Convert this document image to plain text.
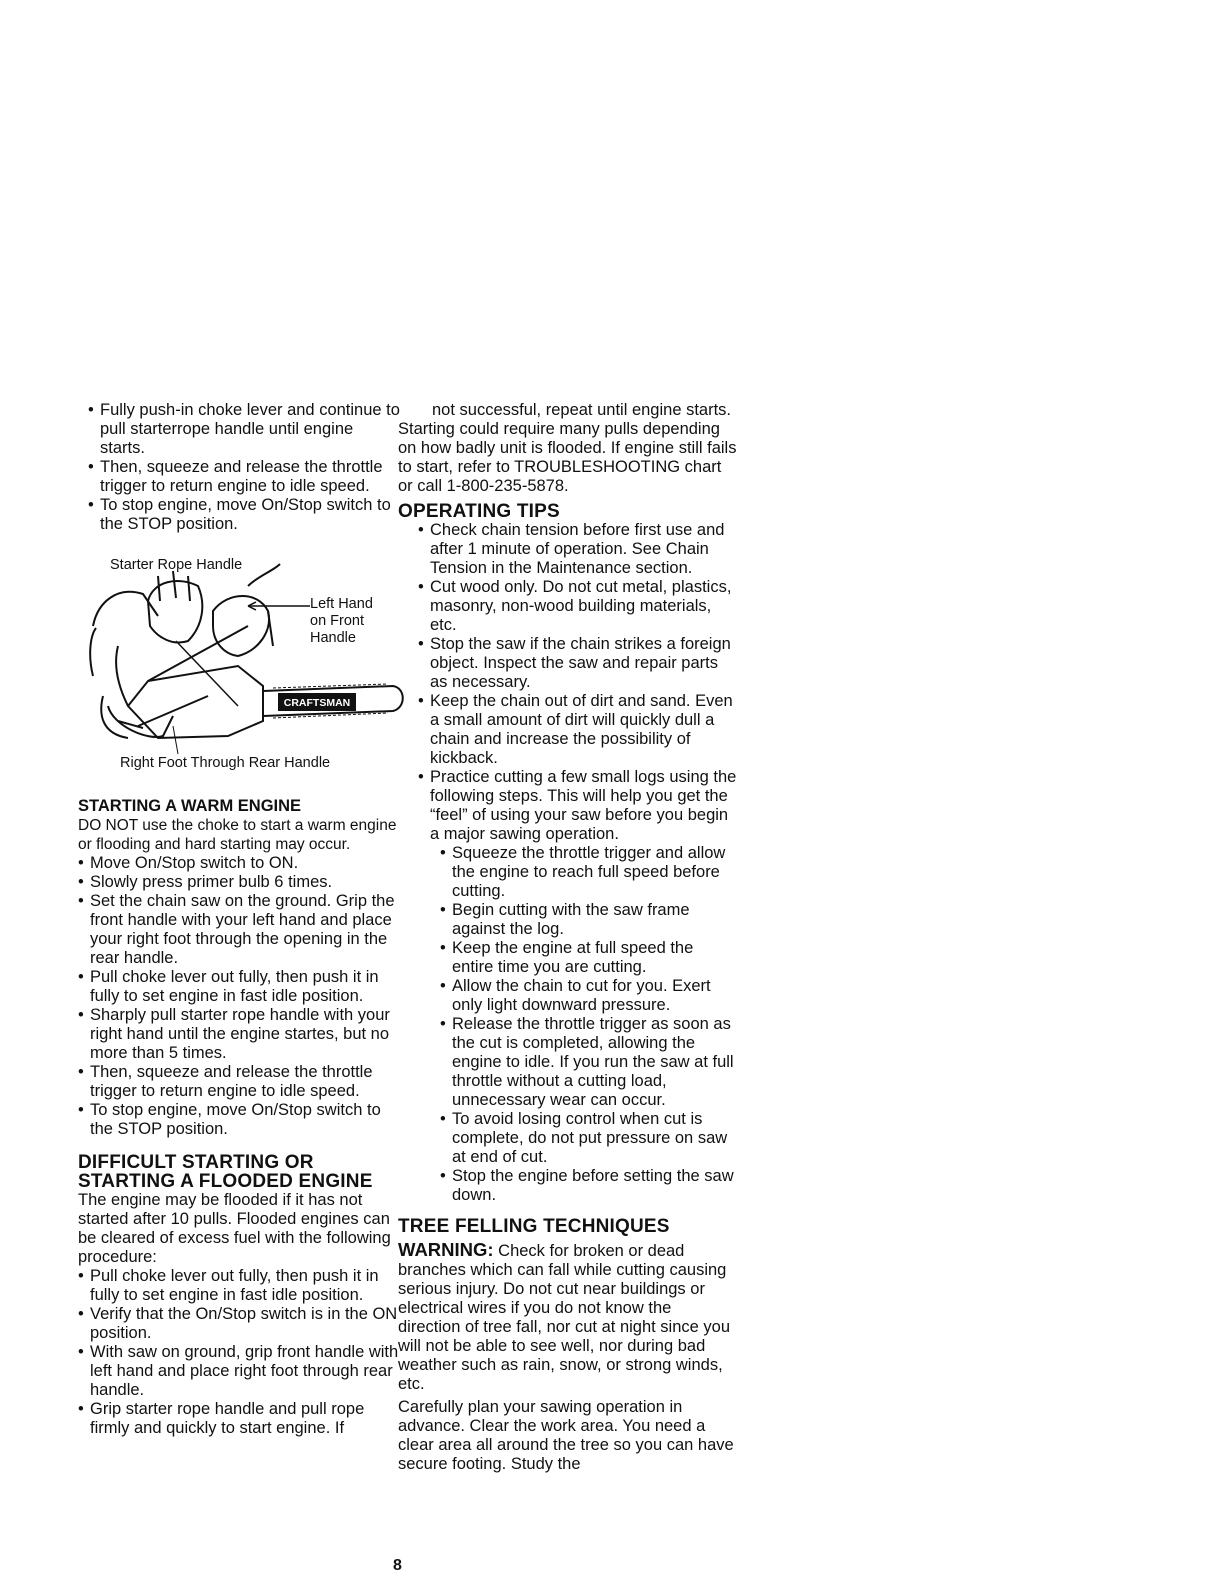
• Fully push-in choke lever and continue to pull starterrope handle until engine starts.
• Then, squeeze and release the throttle trigger to return engine to idle speed.
• To stop engine, move On/Stop switch to the STOP position.
Starter Rope Handle
CRAFTSMAN
Left Hand
on Front
Handle
Right Foot Through Rear Handle
STARTING A WARM ENGINE
DO NOT use the choke to start a warm engine or flooding and hard starting may occur.
• Move On/Stop switch to ON.
• Slowly press primer bulb 6 times.
• Set the chain saw on the ground. Grip the front handle with your left hand and place your right foot through the opening in the rear handle.
• Pull choke lever out fully, then push it in fully to set engine in fast idle position.
• Sharply pull starter rope handle with your right hand until the engine startes, but no more than 5 times.
• Then, squeeze and release the throttle trigger to return engine to idle speed.
• To stop engine, move On/Stop switch to the STOP position.
DIFFICULT STARTING OR
STARTING A FLOODED ENGINE
The engine may be flooded if it has not started after 10 pulls. Flooded engines can be cleared of excess fuel with the following procedure:
• Pull choke lever out fully, then push it in fully to set engine in fast idle position.
• Verify that the On/Stop switch is in the ON position.
• With saw on ground, grip front handle with left hand and place right foot through rear handle.
• Grip starter rope handle and pull rope firmly and quickly to start engine. If
not successful, repeat until engine starts.
Starting could require many pulls depending on how badly unit is flooded. If engine still fails to start, refer to TROUBLESHOOTING chart or call 1-800-235-5878.
OPERATING TIPS
• Check chain tension before first use and after 1 minute of operation. See Chain Tension in the Maintenance section.
• Cut wood only. Do not cut metal, plastics, masonry, non-wood building materials, etc.
• Stop the saw if the chain strikes a foreign object. Inspect the saw and repair parts as necessary.
• Keep the chain out of dirt and sand. Even a small amount of dirt will quickly dull a chain and increase the possibility of kickback.
• Practice cutting a few small logs using the following steps. This will help you get the “feel” of using your saw before you begin a major sawing operation.
• Squeeze the throttle trigger and allow the engine to reach full speed before cutting.
• Begin cutting with the saw frame against the log.
• Keep the engine at full speed the entire time you are cutting.
• Allow the chain to cut for you. Exert only light downward pressure.
• Release the throttle trigger as soon as the cut is completed, allowing the engine to idle. If you run the saw at full throttle without a cutting load, unnecessary wear can occur.
• To avoid losing control when cut is complete, do not put pressure on saw at end of cut.
• Stop the engine before setting the saw down.
TREE FELLING TECHNIQUES
WARNING: Check for broken or dead branches which can fall while cutting causing serious injury. Do not cut near buildings or electrical wires if you do not know the direction of tree fall, nor cut at night since you will not be able to see well, nor during bad weather such as rain, snow, or strong winds, etc.
Carefully plan your sawing operation in advance. Clear the work area. You need a clear area all around the tree so you can have secure footing. Study the
8
